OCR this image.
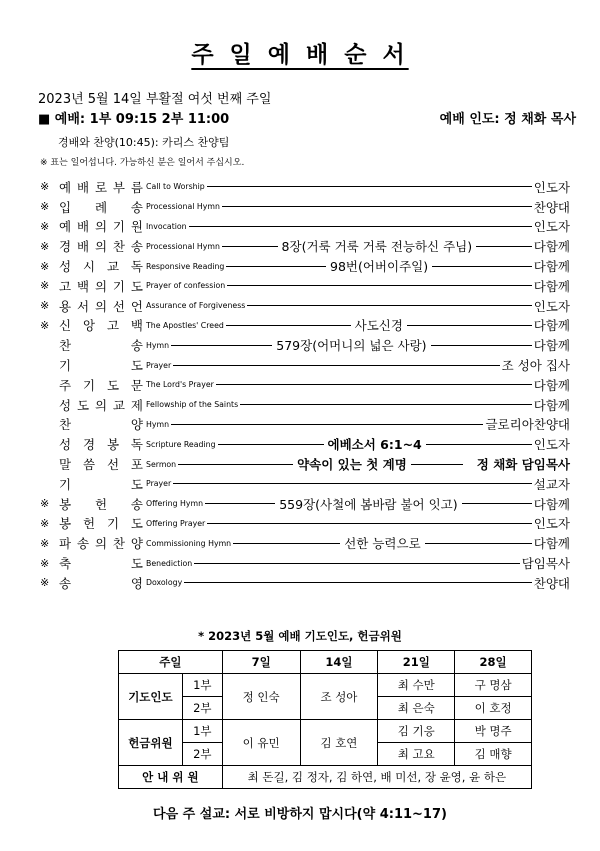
주 일 예 배 순 서
2023년 5월 14일 부활절 여섯 번째 주일
■ 예배: 1부 09:15 2부 11:00	예배 인도: 정 채화 목사
경배와 찬양(10:45): 카리스 찬양팀
※ 표는 일어섭니다. 가능하신 분은 일어서 주십시오.
※ 예 배 로 부 름 Call to Worship	인도자
※ 입 례 송 Processional Hymn	찬양대
※ 예 배 의 기 원 Invocation	인도자
※ 경 배 의 찬 송 Processional Hymn	8장(거룩 거룩 거룩 전능하신 주님)	다함께
※ 성 시 교 독 Responsive Reading	98번(어버이주일)	다함께
※ 고 백 의 기 도 Prayer of confession	다함께
※ 용 서 의 선 언 Assurance of Forgiveness	인도자
※ 신 앙 고 백 The Apostles' Creed	사도신경	다함께
찬	송 Hymn	579장(어머니의 넓은 사랑)	다함께
기	도 Prayer	조 성아 집사
주 기 도 문 The Lord's Prayer	다함께
성 도 의 교 제 Fellowship of the Saints	다함께
찬	양 Hymn	글로리아찬양대
성 경 봉 독 Scripture Reading	에베소서 6:1~4	인도자
말 씀 선 포 Sermon	약속이 있는 첫 계명	정 채화 담임목사
기	도 Prayer	설교자
※ 봉 헌 송 Offering Hymn	559장(사철에 봄바람 불어 잇고)	다함께
※ 봉 헌 기 도 Offering Prayer	인도자
※ 파 송 의 찬 양 Commissioning Hymn	선한 능력으로	다함께
※ 축	도 Benediction	담임목사
※ 송	영 Doxology	찬양대
* 2023년 5월 예배 기도인도, 헌금위원
주일		7일	14일	21일	28일
기도인도	1부	정 인숙	조 성아	최 수만	구 명삼
	2부			최 은숙	이 호정
헌금위원	1부	이 유민	김 호연	김 기응	박 명주
	2부			최 고요	김 매향
안 내 위 원		최 돈길, 김 정자, 김 하연, 배 미선, 장 윤영, 윤 하은			
다음 주 설교: 서로 비방하지 맙시다(약 4:11~17)
